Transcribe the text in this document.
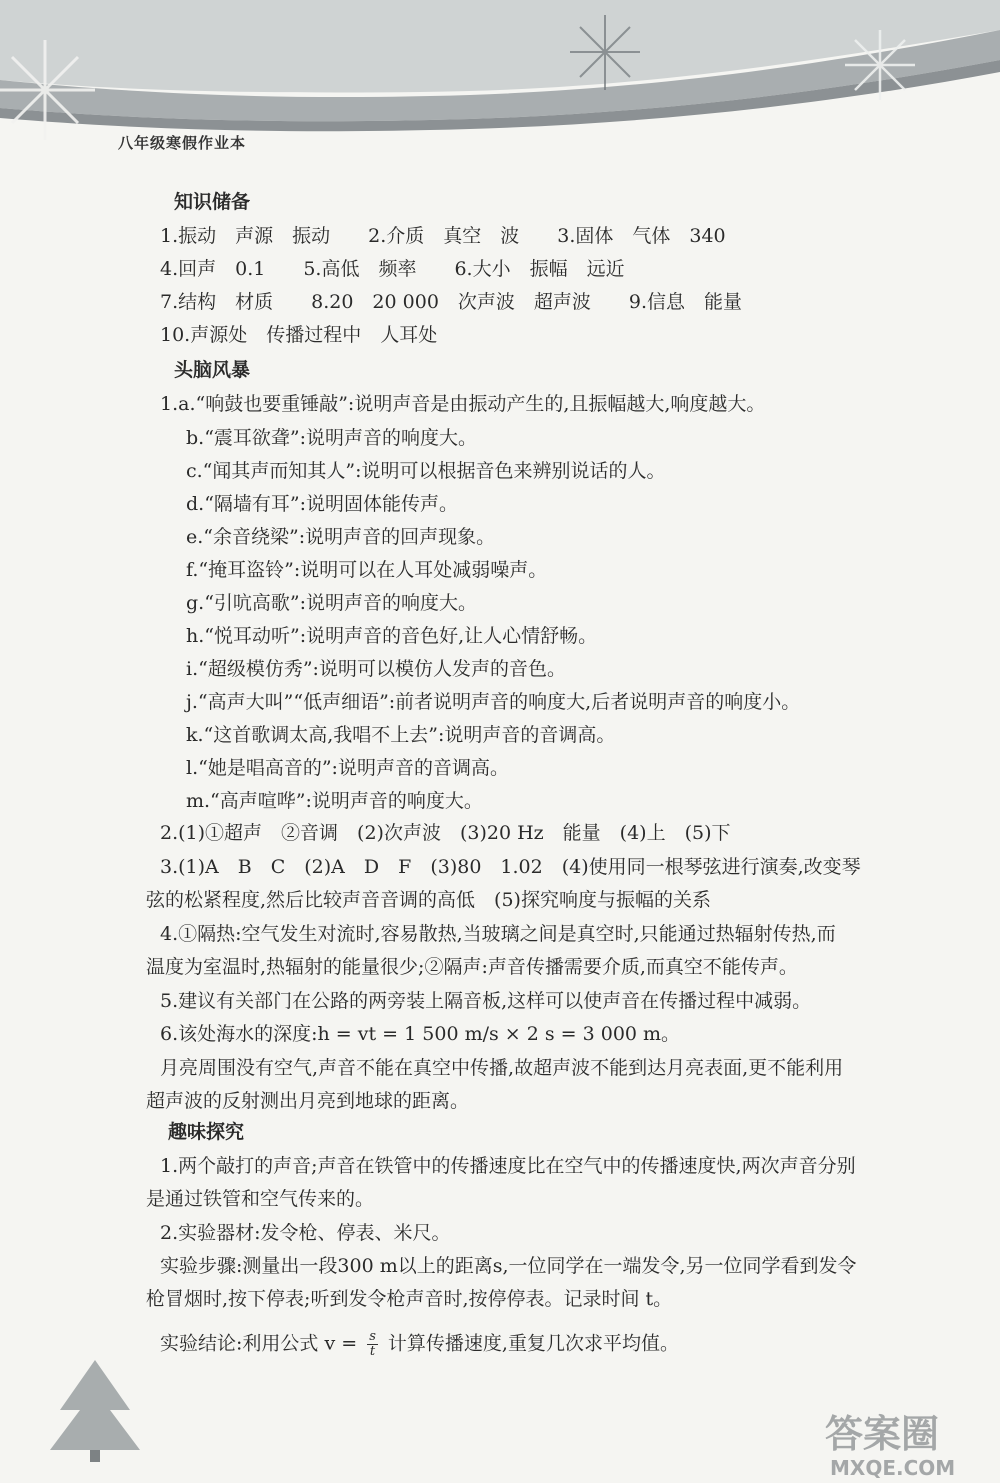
八年级寒假作业本
知识储备
1.振动　声源　振动　　2.介质　真空　波　　3.固体　气体　340
4.回声　0.1　　5.高低　频率　　6.大小　振幅　远近
7.结构　材质　　8.20　20 000　次声波　超声波　　9.信息　能量
10.声源处　传播过程中　人耳处
头脑风暴
1.a.“响鼓也要重锤敲”:说明声音是由振动产生的,且振幅越大,响度越大。
b.“震耳欲聋”:说明声音的响度大。
c.“闻其声而知其人”:说明可以根据音色来辨别说话的人。
d.“隔墙有耳”:说明固体能传声。
e.“余音绕梁”:说明声音的回声现象。
f.“掩耳盗铃”:说明可以在人耳处减弱噪声。
g.“引吭高歌”:说明声音的响度大。
h.“悦耳动听”:说明声音的音色好,让人心情舒畅。
i.“超级模仿秀”:说明可以模仿人发声的音色。
j.“高声大叫”“低声细语”:前者说明声音的响度大,后者说明声音的响度小。
k.“这首歌调太高,我唱不上去”:说明声音的音调高。
l.“她是唱高音的”:说明声音的音调高。
m.“高声喧哗”:说明声音的响度大。
2.(1)①超声　②音调　(2)次声波　(3)20 Hz　能量　(4)上　(5)下
3.(1)A　B　C　(2)A　D　F　(3)80　1.02　(4)使用同一根琴弦进行演奏,改变琴
弦的松紧程度,然后比较声音音调的高低　(5)探究响度与振幅的关系
4.①隔热:空气发生对流时,容易散热,当玻璃之间是真空时,只能通过热辐射传热,而
温度为室温时,热辐射的能量很少;②隔声:声音传播需要介质,而真空不能传声。
5.建议有关部门在公路的两旁装上隔音板,这样可以使声音在传播过程中减弱。
6.该处海水的深度:h = vt = 1 500 m/s × 2 s = 3 000 m。
月亮周围没有空气,声音不能在真空中传播,故超声波不能到达月亮表面,更不能利用
超声波的反射测出月亮到地球的距离。
趣味探究
1.两个敲打的声音;声音在铁管中的传播速度比在空气中的传播速度快,两次声音分别
是通过铁管和空气传来的。
2.实验器材:发令枪、停表、米尺。
实验步骤:测量出一段300 m以上的距离s,一位同学在一端发令,另一位同学看到发令
枪冒烟时,按下停表;听到发令枪声音时,按停停表。记录时间 t。
实验结论:利用公式 $v = \frac{s}{t}$ 计算传播速度,重复几次求平均值。
答案圈
MXQE.COM
